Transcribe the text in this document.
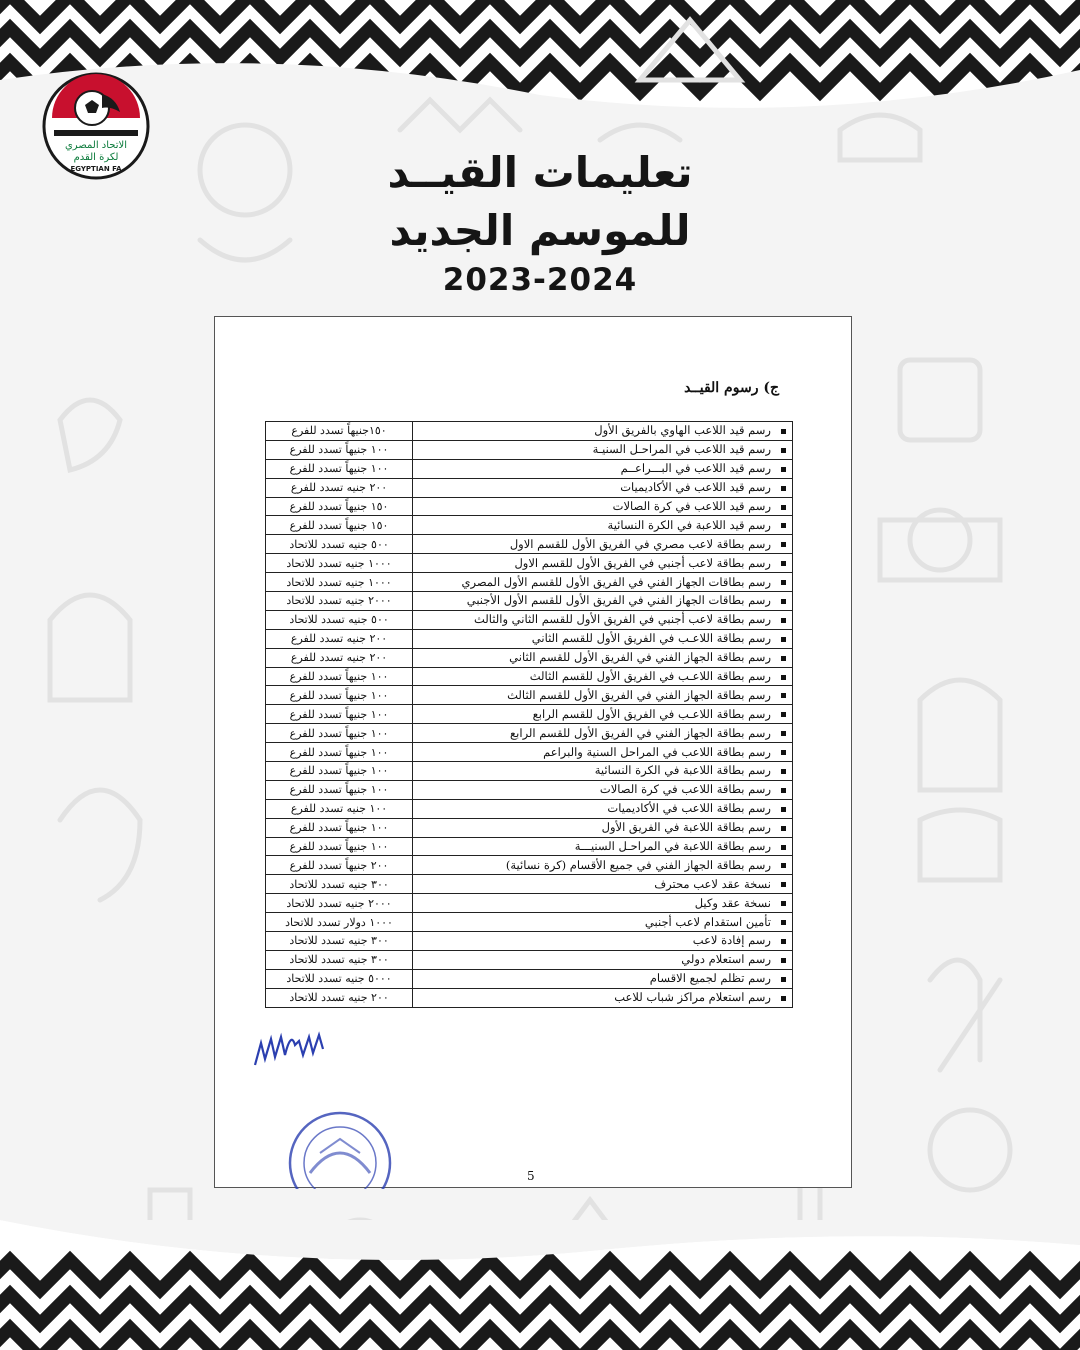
الاتحاد المصري
لكرة القدم
EGYPTIAN FA	تعليمات القيــد
للموسم الجديد
2023-2024
ج) رسوم القيــد
رسم قيد اللاعب الهاوي بالفريق الأول	١٥٠جنيهاً تسدد للفرع
رسم قيد اللاعب في المراحـل السنيـة	١٠٠ جنيهاً تسدد للفرع
رسم قيد اللاعب في البـــراعــم	١٠٠ جنيهاً تسدد للفرع
رسم قيد اللاعب في الأكاديميات	٢٠٠ جنيه تسدد للفرع
رسم قيد اللاعب في كرة الصالات	١٥٠ جنيهاً تسدد للفرع
رسم قيد اللاعبة في الكرة النسائية	١٥٠ جنيهاً تسدد للفرع
رسم بطاقة لاعب مصري في الفريق الأول للقسم الاول	٥٠٠ جنيه تسدد للاتحاد
رسم بطاقة لاعب أجنبي في الفريق الأول للقسم الاول	١٠٠٠ جنيه تسدد للاتحاد
رسم بطاقات الجهاز الفني في الفريق الأول للقسم الأول المصري	١٠٠٠ جنيه تسدد للاتحاد
رسم بطاقات الجهاز الفني في الفريق الأول للقسم الأول الأجنبي	٢٠٠٠ جنيه تسدد للاتحاد
رسم بطاقة لاعب أجنبي في الفريق الأول للقسم الثاني والثالث	٥٠٠ جنيه تسدد للاتحاد
رسم بطاقة اللاعـب في الفريق الأول للقسم الثاني	٢٠٠ جنيه تسدد للفرع
رسم بطاقة الجهاز الفني في الفريق الأول للقسم الثاني	٢٠٠ جنيه تسدد للفرع
رسم بطاقة اللاعـب في الفريق الأول للقسم الثالث	١٠٠ جنيهاً تسدد للفرع
رسم بطاقة الجهاز الفني في الفريق الأول للقسم الثالث	١٠٠ جنيهاً تسدد للفرع
رسم بطاقة اللاعـب في الفريق الأول للقسم الرابع	١٠٠ جنيهاً تسدد للفرع
رسم بطاقة الجهاز الفني في الفريق الأول للقسم الرابع	١٠٠ جنيهاً تسدد للفرع
رسم بطاقة اللاعب في المراحل السنية والبراعم	١٠٠ جنيهاً تسدد للفرع
رسم بطاقة اللاعبة في الكرة النسائية	١٠٠ جنيهاً تسدد للفرع
رسم بطاقة اللاعب في كرة الصالات	١٠٠ جنيهاً تسدد للفرع
رسم بطاقة اللاعب في الأكاديميات	١٠٠ جنيه تسدد للفرع
رسم بطاقة اللاعبة في الفريق الأول	١٠٠ جنيهاً تسدد للفرع
رسم بطاقة اللاعبة في المراحـل السنيـــة	١٠٠ جنيهاً تسدد للفرع
رسم بطاقة الجهاز الفني في جميع الأقسام (كرة نسائية)	٢٠٠ جنيهاً تسدد للفرع
نسخة عقد لاعب محترف	٣٠٠ جنيه تسدد للاتحاد
نسخة عقد وكيل	٢٠٠٠ جنيه تسدد للاتحاد
تأمين استقدام لاعب أجنبي	١٠٠٠ دولار تسدد للاتحاد
رسم إفادة لاعب	٣٠٠ جنيه تسدد للاتحاد
رسم استعلام دولي	٣٠٠ جنيه تسدد للاتحاد
رسم تظلم لجميع الاقسام	٥٠٠٠ جنيه تسدد للاتحاد
رسم استعلام مراكز شباب للاعب	٢٠٠ جنيه تسدد للاتحاد
5
